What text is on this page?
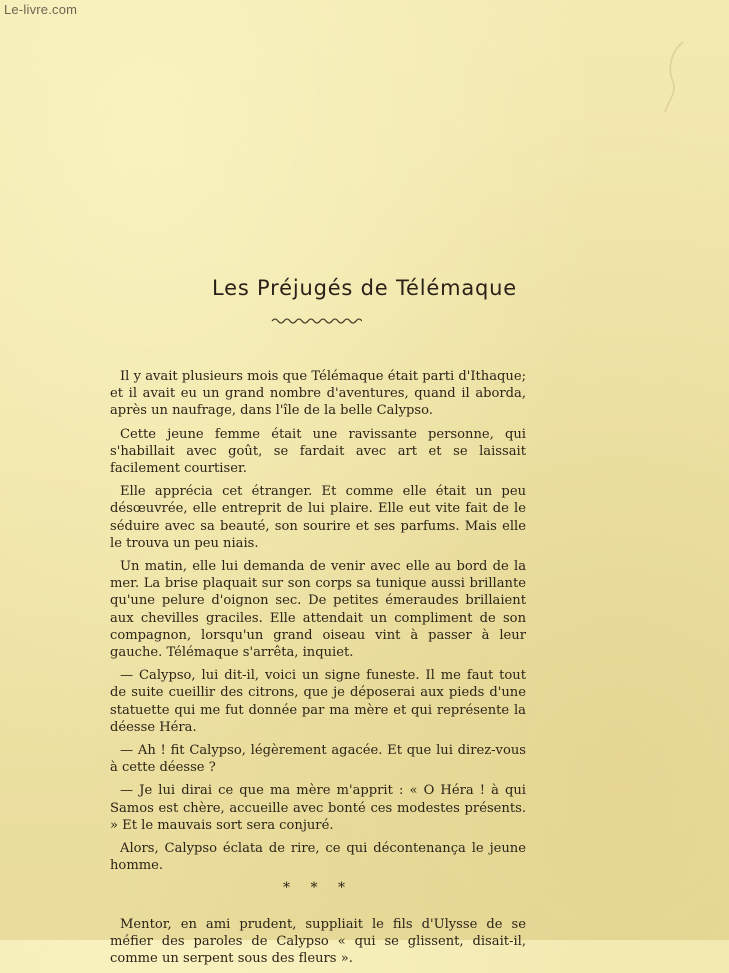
Le-livre.com
Les Préjugés de Télémaque

Il y avait plusieurs mois que Télémaque était parti d'Ithaque; et il avait eu un grand nombre d'aventures, quand il aborda, après un naufrage, dans l'île de la belle Calypso.

Cette jeune femme était une ravissante personne, qui s'habillait avec goût, se fardait avec art et se laissait facilement courtiser.

Elle apprécia cet étranger. Et comme elle était un peu désœuvrée, elle entreprit de lui plaire. Elle eut vite fait de le séduire avec sa beauté, son sourire et ses parfums. Mais elle le trouva un peu niais.

Un matin, elle lui demanda de venir avec elle au bord de la mer. La brise plaquait sur son corps sa tunique aussi brillante qu'une pelure d'oignon sec. De petites émeraudes brillaient aux chevilles graciles. Elle attendait un compliment de son compagnon, lorsqu'un grand oiseau vint à passer à leur gauche. Télémaque s'arrêta, inquiet.

— Calypso, lui dit-il, voici un signe funeste. Il me faut tout de suite cueillir des citrons, que je déposerai aux pieds d'une statuette qui me fut donnée par ma mère et qui représente la déesse Héra.

— Ah ! fit Calypso, légèrement agacée. Et que lui direz-vous à cette déesse ?

— Je lui dirai ce que ma mère m'apprit : « O Héra ! à qui Samos est chère, accueille avec bonté ces modestes présents. » Et le mauvais sort sera conjuré.

Alors, Calypso éclata de rire, ce qui décontenança le jeune homme.

* * *

Mentor, en ami prudent, suppliait le fils d'Ulysse de se méfier des paroles de Calypso « qui se glissent, disait-il, comme un serpent sous des fleurs ».
